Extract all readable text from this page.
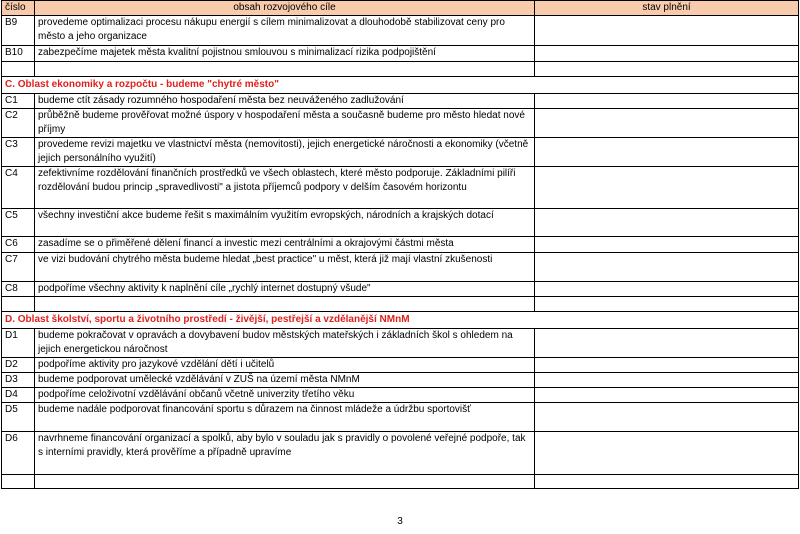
číslo	obsah rozvojového cíle	stav plnění
B9	provedeme optimalizaci procesu nákupu energií s cílem minimalizovat a dlouhodobě stabilizovat ceny pro město a jeho organizace	
B10	zabezpečíme majetek města kvalitní pojistnou smlouvou s minimalizací rizika podpojištění	

C. Oblast ekonomiky a rozpočtu - budeme "chytré město"		
C1	budeme ctít zásady rozumného hospodaření města bez neuváženého zadlužování	
C2	průběžně budeme prověřovat možné úspory v hospodaření města a současně budeme pro město hledat nové příjmy	
C3	provedeme revizi majetku ve vlastnictví města (nemovitosti), jejich energetické náročnosti a ekonomiky (včetně jejich personálního využití)	
C4	zefektivníme rozdělování finančních prostředků ve všech oblastech, které město podporuje. Základními pilíři rozdělování budou princip „spravedlivosti" a jistota příjemců podpory v delším časovém horizontu	
C5	všechny investiční akce budeme řešit s maximálním využitím evropských, národních a krajských dotací	
C6	zasadíme se o přiměřené dělení financí a investic mezi centrálními a okrajovými částmi města	
C7	ve vizi budování chytrého města budeme hledat „best practice" u měst, která již mají vlastní zkušenosti	
C8	podpoříme všechny aktivity k naplnění cíle „rychlý internet dostupný všude"	

D. Oblast školství, sportu a životního prostředí - živější, pestřejší a vzdělanější NMnM		
D1	budeme pokračovat v opravách a dovybavení budov městských mateřských i základních škol s ohledem na jejich energetickou náročnost	
D2	podpoříme aktivity pro jazykové vzdělání dětí i učitelů	
D3	budeme podporovat umělecké vzdělávání v ZUŠ na území města NMnM	
D4	podpoříme celoživotní vzdělávání občanů včetně univerzity třetího věku	
D5	budeme nadále podporovat financování sportu s důrazem na činnost mládeže a údržbu sportovišť	
D6	navrhneme financování organizací a spolků, aby bylo v souladu jak s pravidly o povolené veřejné podpoře, tak s interními pravidly, která prověříme a případně upravíme	

3
